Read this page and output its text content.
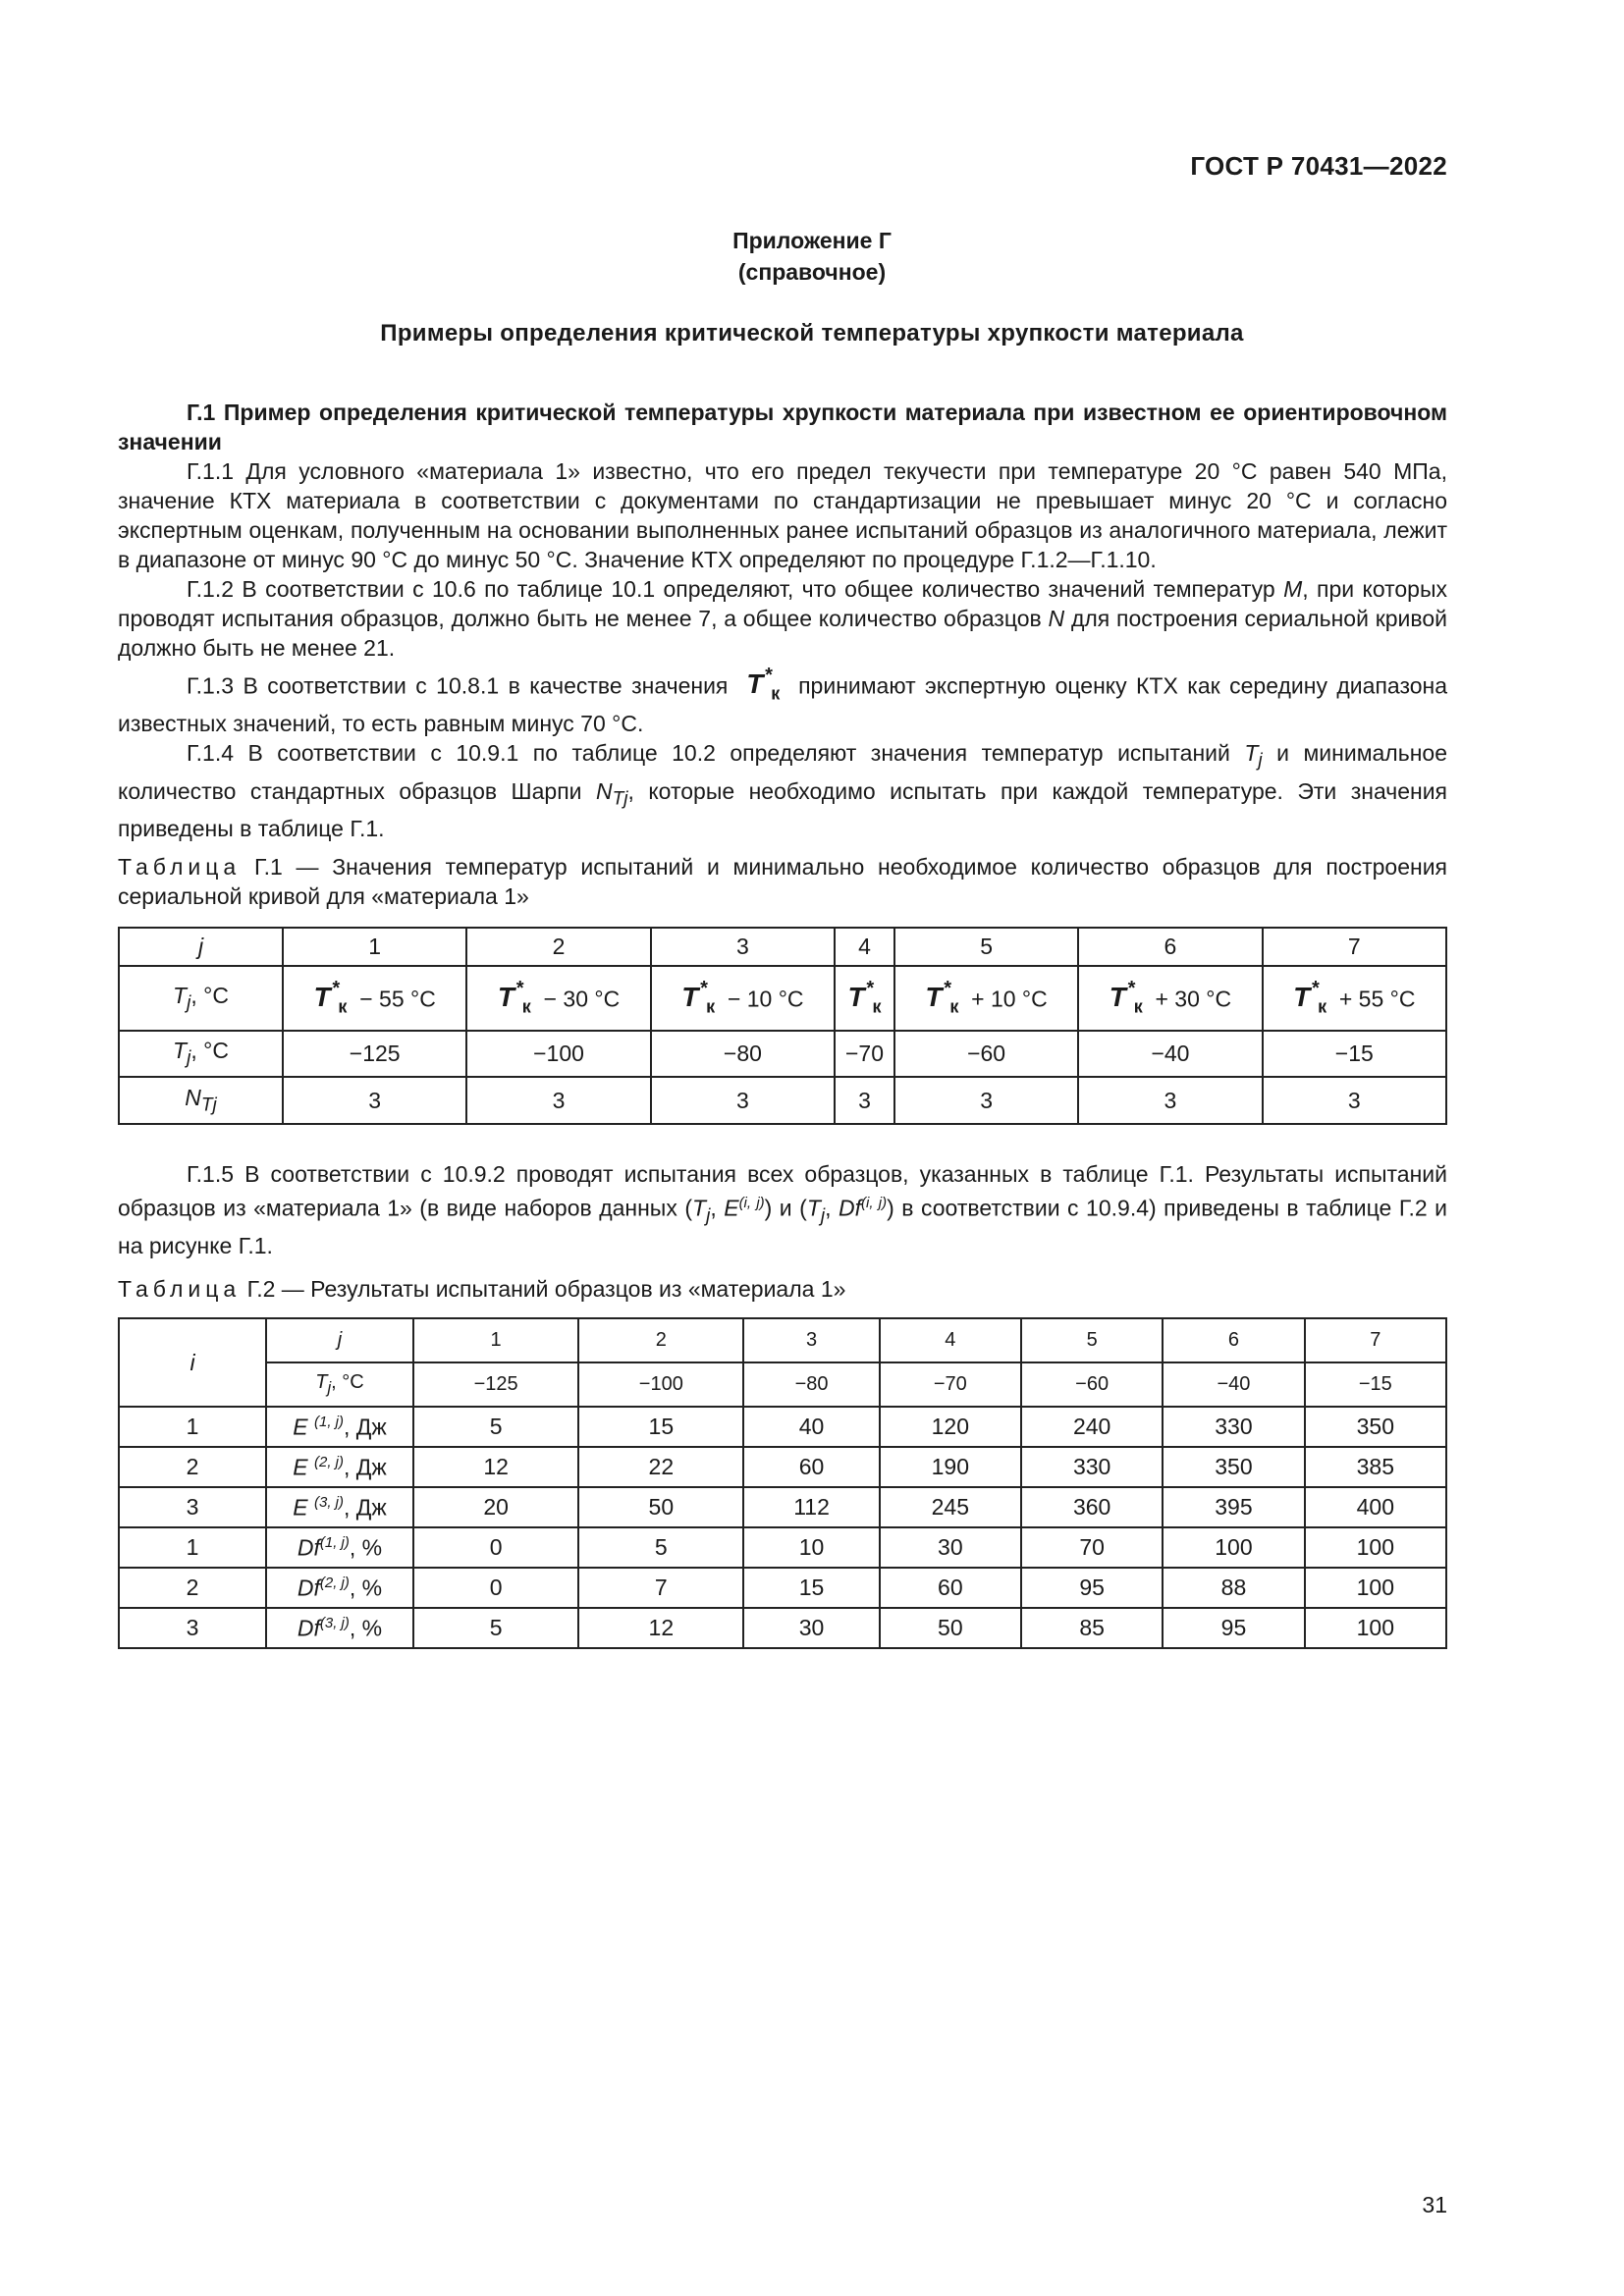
ГОСТ Р 70431—2022
Приложение Г
(справочное)
Примеры определения критической температуры хрупкости материала
Г.1 Пример определения критической температуры хрупкости материала при известном ее ориентировочном значении
Г.1.1 Для условного «материала 1» известно, что его предел текучести при температуре 20 °C равен 540 МПа, значение КТХ материала в соответствии с документами по стандартизации не превышает минус 20 °C и согласно экспертным оценкам, полученным на основании выполненных ранее испытаний образцов из аналогичного материала, лежит в диапазоне от минус 90 °C до минус 50 °C. Значение КТХ определяют по процедуре Г.1.2—Г.1.10.
Г.1.2 В соответствии с 10.6 по таблице 10.1 определяют, что общее количество значений температур M, при которых проводят испытания образцов, должно быть не менее 7, а общее количество образцов N для построения сериальной кривой должно быть не менее 21.
Г.1.3 В соответствии с 10.8.1 в качестве значения $T^*_к$ принимают экспертную оценку КТХ как середину диапазона известных значений, то есть равным минус 70 °C.
Г.1.4 В соответствии с 10.9.1 по таблице 10.2 определяют значения температур испытаний $T_j$ и минимальное количество стандартных образцов Шарпи $N_{Tj}$, которые необходимо испытать при каждой температуре. Эти значения приведены в таблице Г.1.
Таблица Г.1 — Значения температур испытаний и минимально необходимое количество образцов для построения сериальной кривой для «материала 1»
j	1	2	3	4	5	6	7
$T_j$, °C	$T^*_к - 55$ °C	$T^*_к - 30$ °C	$T^*_к - 10$ °C	$T^*_к$	$T^*_к + 10$ °C	$T^*_к + 30$ °C	$T^*_к + 55$ °C
$T_j$, °C	−125	−100	−80	−70	−60	−40	−15
$N_{Tj}$	3	3	3	3	3	3	3
Г.1.5 В соответствии с 10.9.2 проводят испытания всех образцов, указанных в таблице Г.1. Результаты испытаний образцов из «материала 1» (в виде наборов данных ($T_j$, E$^{(i, j)}$) и ($T_j$, Df$^{(i, j)}$) в соответствии с 10.9.4) приведены в таблице Г.2 и на рисунке Г.1.
Таблица Г.2 — Результаты испытаний образцов из «материала 1»
i	j	1	2	3	4	5	6	7
	$T_j$, °C	−125	−100	−80	−70	−60	−40	−15
1	E $^{(1, j)}$, Дж	5	15	40	120	240	330	350
2	E $^{(2, j)}$, Дж	12	22	60	190	330	350	385
3	E $^{(3, j)}$, Дж	20	50	112	245	360	395	400
1	Df$^{(1, j)}$, %	0	5	10	30	70	100	100
2	Df$^{(2, j)}$, %	0	7	15	60	95	88	100
3	Df$^{(3, j)}$, %	5	12	30	50	85	95	100
31
